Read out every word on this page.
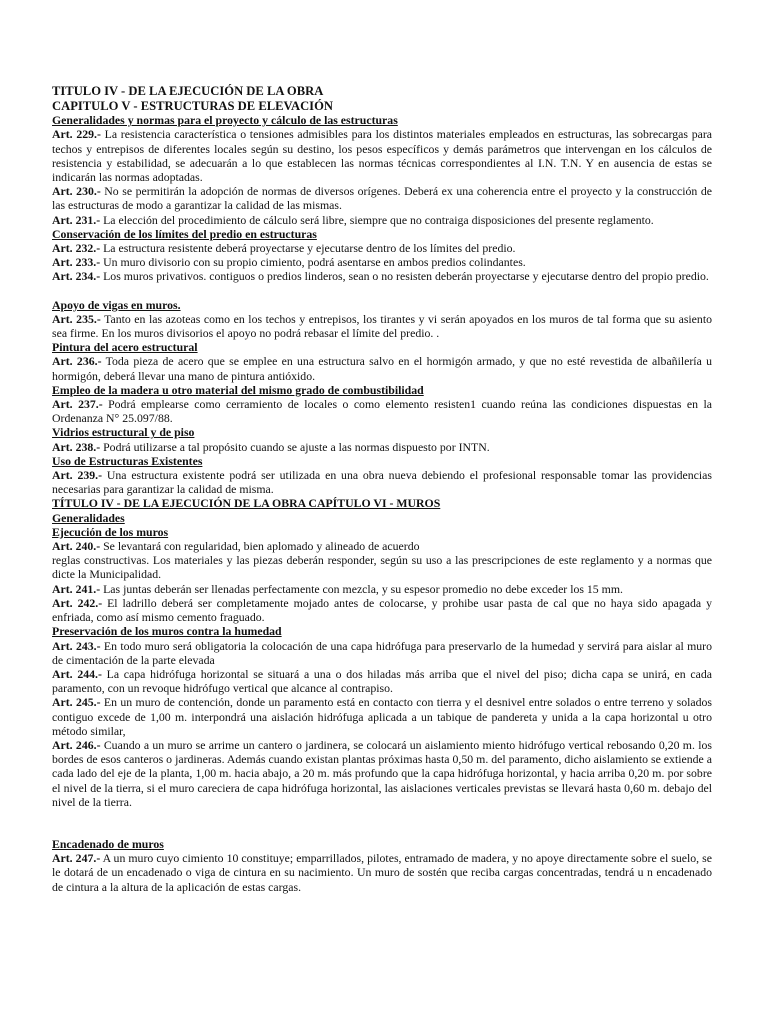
TITULO IV - DE LA EJECUCIÓN DE LA OBRA

CAPITULO V - ESTRUCTURAS DE ELEVACIÓN

Generalidades y normas para el proyecto y cálculo de las estructuras

Art. 229.- La resistencia característica o tensiones admisibles para los distintos materiales empleados en estructuras, las sobrecargas para techos y entrepisos de diferentes locales según su destino, los pesos específicos y demás parámetros que intervengan en los cálculos de resistencia y estabilidad, se adecuarán a lo que establecen las normas técnicas correspondientes al I.N. T.N. Y en ausencia de estas se indicarán las normas adoptadas.

Art. 230.- No se permitirán la adopción de normas de diversos orígenes. Deberá ex una coherencia entre el proyecto y la construcción de las estructuras de modo a garantizar la calidad de las mismas.

Art. 231.- La elección del procedimiento de cálculo será libre, siempre que no contraiga disposiciones del presente reglamento.

Conservación de los límites del predio en estructuras

Art. 232.- La estructura resistente deberá proyectarse y ejecutarse dentro de los límites del predio.

Art. 233.- Un muro divisorio con su propio cimiento, podrá asentarse en ambos predios colindantes.

Art. 234.- Los muros privativos. contiguos o predios linderos, sean o no resisten deberán proyectarse y ejecutarse dentro del propio predio.

Apoyo de vigas en muros.

Art. 235.- Tanto en las azoteas como en los techos y entrepisos, los tirantes y vi serán apoyados en los muros de tal forma que su asiento sea firme. En los muros divisorios el apoyo no podrá rebasar el límite del predio. .

Pintura del acero estructural

Art. 236.- Toda pieza de acero que se emplee en una estructura salvo en el hormigón armado, y que no esté revestida de albañilería u hormigón, deberá llevar una mano de pintura antióxido.

Empleo de la madera u otro material del mismo grado de combustibilidad

Art. 237.- Podrá emplearse como cerramiento de locales o como elemento resisten1 cuando reúna las condiciones dispuestas en la Ordenanza N° 25.097/88.

Vidrios estructural y de piso

Art. 238.- Podrá utilizarse a tal propósito cuando se ajuste a las normas dispuesto por INTN.

Uso de Estructuras Existentes

Art. 239.- Una estructura existente podrá ser utilizada en una obra nueva debiendo el profesional responsable tomar las providencias necesarias para garantizar la calidad de misma.

TÍTULO IV - DE LA EJECUCIÓN DE LA OBRA CAPÍTULO VI - MUROS

Generalidades

Ejecución de los muros

Art. 240.- Se levantará con regularidad, bien aplomado y alineado de acuerdo

reglas constructivas. Los materiales y las piezas deberán responder, según su uso a las prescripciones de este reglamento y a normas que dicte la Municipalidad.

Art. 241.- Las juntas deberán ser llenadas perfectamente con mezcla, y su espesor promedio no debe exceder los 15 mm.

Art. 242.- El ladrillo deberá ser completamente mojado antes de colocarse, y prohibe usar pasta de cal que no haya sido apagada y enfriada, como así mismo cemento fraguado.

Preservación de los muros contra la humedad

Art. 243.- En todo muro será obligatoria la colocación de una capa hidrófuga para preservarlo de la humedad y servirá para aislar al muro de cimentación de la parte elevada

Art. 244.- La capa hidrófuga horizontal se situará a una o dos hiladas más arriba que el nivel del piso; dicha capa se unirá, en cada paramento, con un revoque hidrófugo vertical que alcance al contrapiso.

Art. 245.- En un muro de contención, donde un paramento está en contacto con tierra y el desnivel entre solados o entre terreno y solados contiguo excede de 1,00 m. interpondrá una aislación hidrófuga aplicada a un tabique de pandereta y unida a la capa horizontal u otro método similar,

Art. 246.- Cuando a un muro se arrime un cantero o jardinera, se colocará un aislamiento miento hidrófugo vertical rebosando 0,20 m. los bordes de esos canteros o jardineras. Además cuando existan plantas próximas hasta 0,50 m. del paramento, dicho aislamiento se extiende a cada lado del eje de la planta, 1,00 m. hacia abajo, a 20 m. más profundo que la capa hidrófuga horizontal, y hacia arriba 0,20 m. por sobre el nivel de la tierra, si el muro careciera de capa hidrófuga horizontal, las aislaciones verticales previstas se llevará hasta 0,60 m. debajo del nivel de la tierra.

Encadenado de muros

Art. 247.- A un muro cuyo cimiento 10 constituye; emparrillados, pilotes, entramado de madera, y no apoye directamente sobre el suelo, se le dotará de un encadenado o viga de cintura en su nacimiento. Un muro de sostén que reciba cargas concentradas, tendrá u n encadenado de cintura a la altura de la aplicación de estas cargas.
